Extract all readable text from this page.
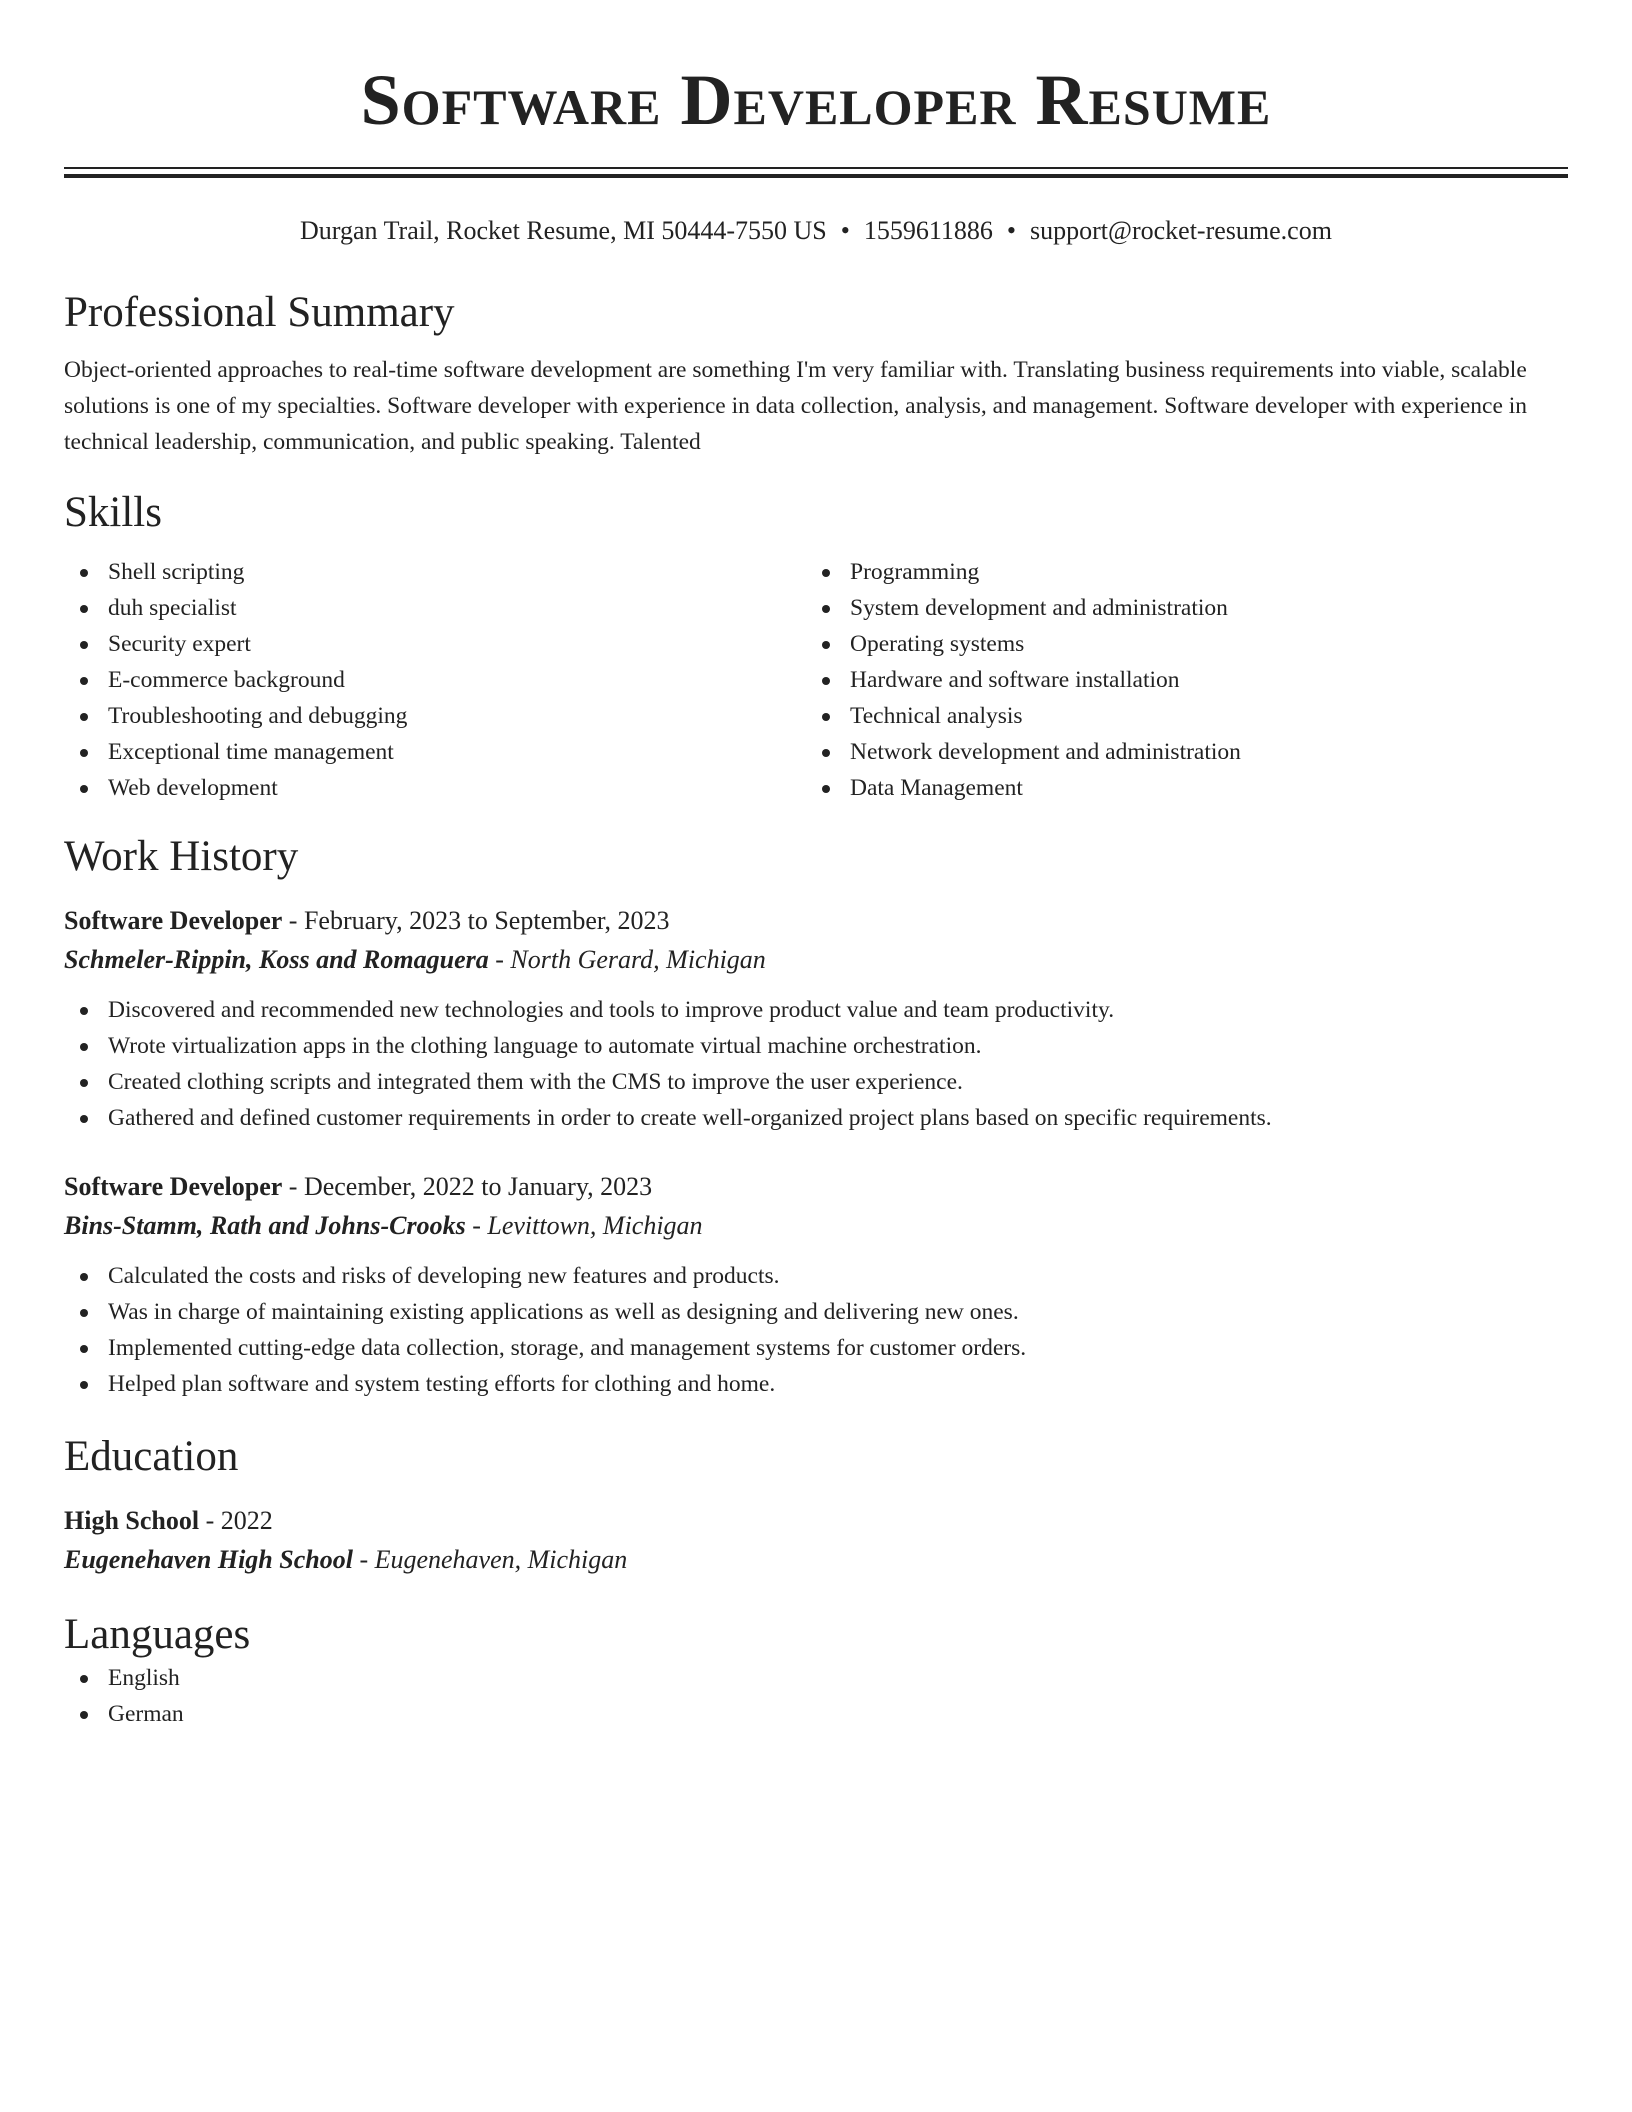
Software Developer Resume
Durgan Trail, Rocket Resume, MI 50444-7550 US • 1559611886 • support@rocket-resume.com
Professional Summary
Object-oriented approaches to real-time software development are something I'm very familiar with. Translating business requirements into viable, scalable solutions is one of my specialties. Software developer with experience in data collection, analysis, and management. Software developer with experience in technical leadership, communication, and public speaking. Talented
Skills
Shell scripting
duh specialist
Security expert
E-commerce background
Troubleshooting and debugging
Exceptional time management
Web development
Programming
System development and administration
Operating systems
Hardware and software installation
Technical analysis
Network development and administration
Data Management
Work History
Software Developer - February, 2023 to September, 2023
Schmeler-Rippin, Koss and Romaguera - North Gerard, Michigan
Discovered and recommended new technologies and tools to improve product value and team productivity.
Wrote virtualization apps in the clothing language to automate virtual machine orchestration.
Created clothing scripts and integrated them with the CMS to improve the user experience.
Gathered and defined customer requirements in order to create well-organized project plans based on specific requirements.
Software Developer - December, 2022 to January, 2023
Bins-Stamm, Rath and Johns-Crooks - Levittown, Michigan
Calculated the costs and risks of developing new features and products.
Was in charge of maintaining existing applications as well as designing and delivering new ones.
Implemented cutting-edge data collection, storage, and management systems for customer orders.
Helped plan software and system testing efforts for clothing and home.
Education
High School - 2022
Eugenehaven High School - Eugenehaven, Michigan
Languages
English
German
